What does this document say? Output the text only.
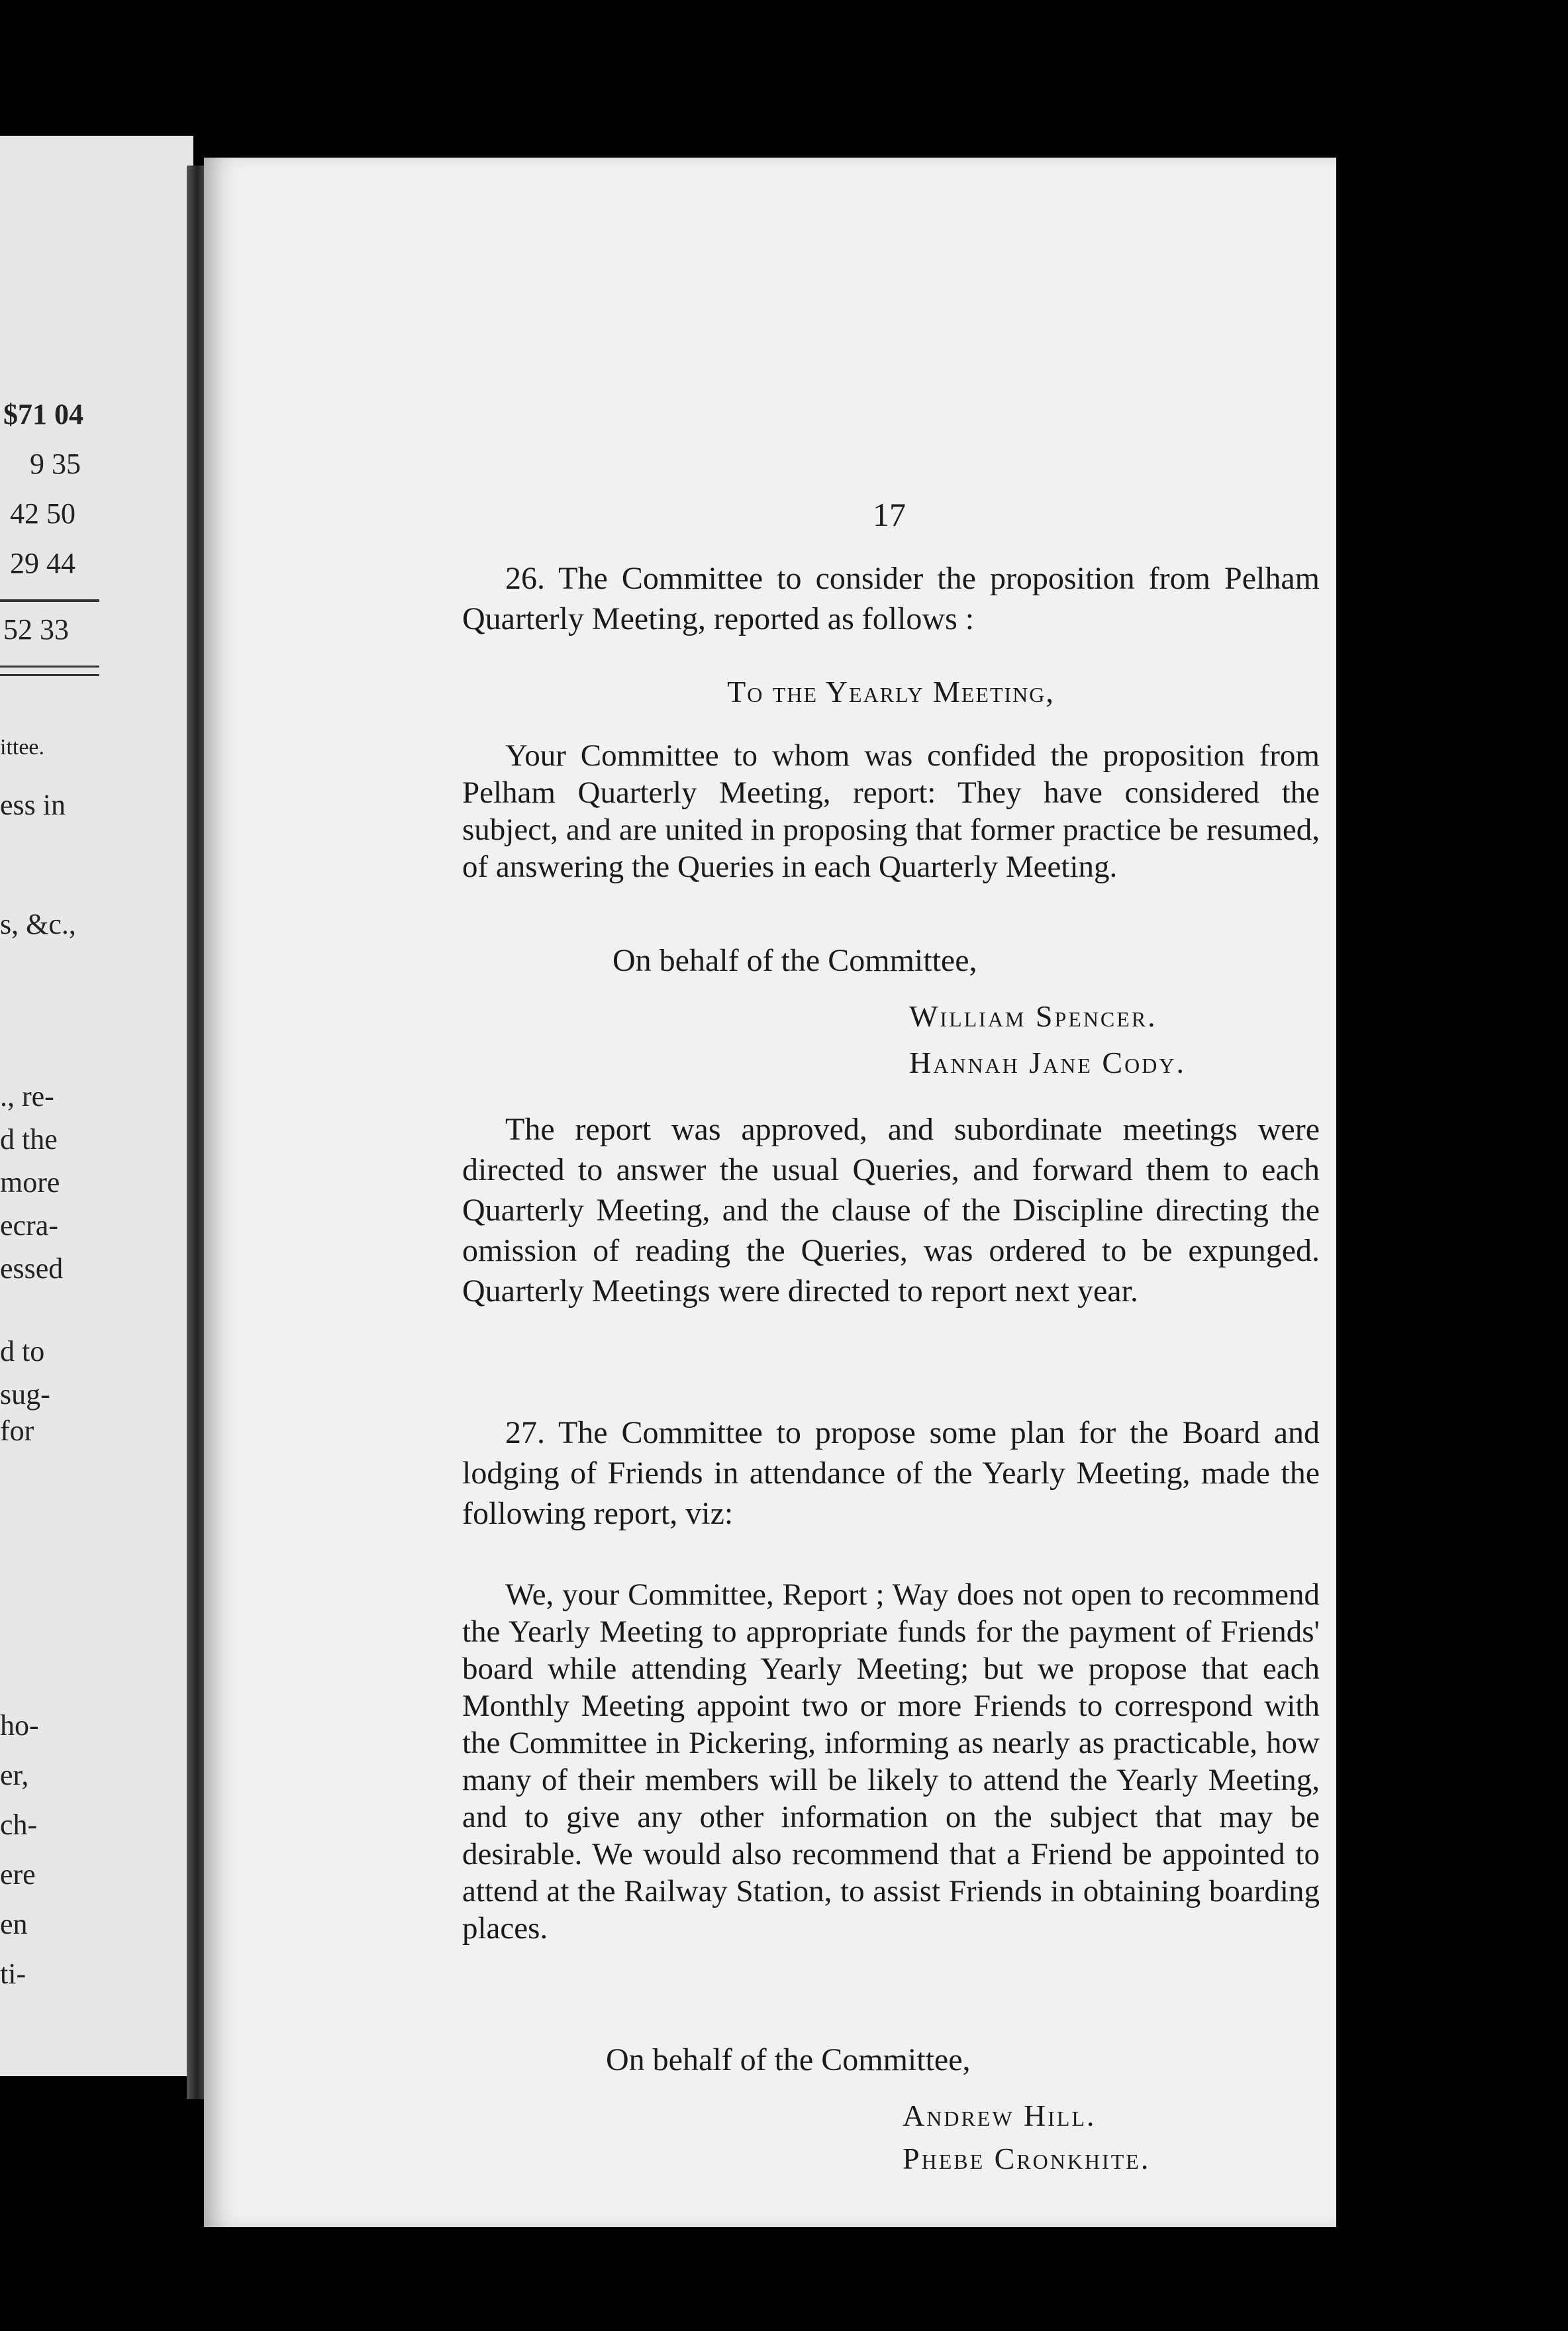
$71 04
9 35
42 50
29 44
52 33
ittee.
ess in
s, &c.,
., re-
d the
more
ecra-
essed
d to
sug-
for
ho-
er,
ch-
ere
en
ti-
17

26. The Committee to consider the proposition from Pelham Quarterly Meeting, reported as follows :

To the Yearly Meeting,

Your Committee to whom was confided the proposition from Pelham Quarterly Meeting, report: They have considered the subject, and are united in proposing that former practice be resumed, of answering the Queries in each Quarterly Meeting.

On behalf of the Committee,
William Spencer.
Hannah Jane Cody.

The report was approved, and subordinate meetings were directed to answer the usual Queries, and forward them to each Quarterly Meeting, and the clause of the Discipline directing the omission of reading the Queries, was ordered to be expunged. Quarterly Meetings were directed to report next year.

27. The Committee to propose some plan for the Board and lodging of Friends in attendance of the Yearly Meeting, made the following report, viz:

We, your Committee, Report ; Way does not open to recommend the Yearly Meeting to appropriate funds for the payment of Friends' board while attending Yearly Meeting; but we propose that each Monthly Meeting appoint two or more Friends to correspond with the Committee in Pickering, informing as nearly as practicable, how many of their members will be likely to attend the Yearly Meeting, and to give any other information on the subject that may be desirable. We would also recommend that a Friend be appointed to attend at the Railway Station, to assist Friends in obtaining boarding places.

On behalf of the Committee,
Andrew Hill.
Phebe Cronkhite.
